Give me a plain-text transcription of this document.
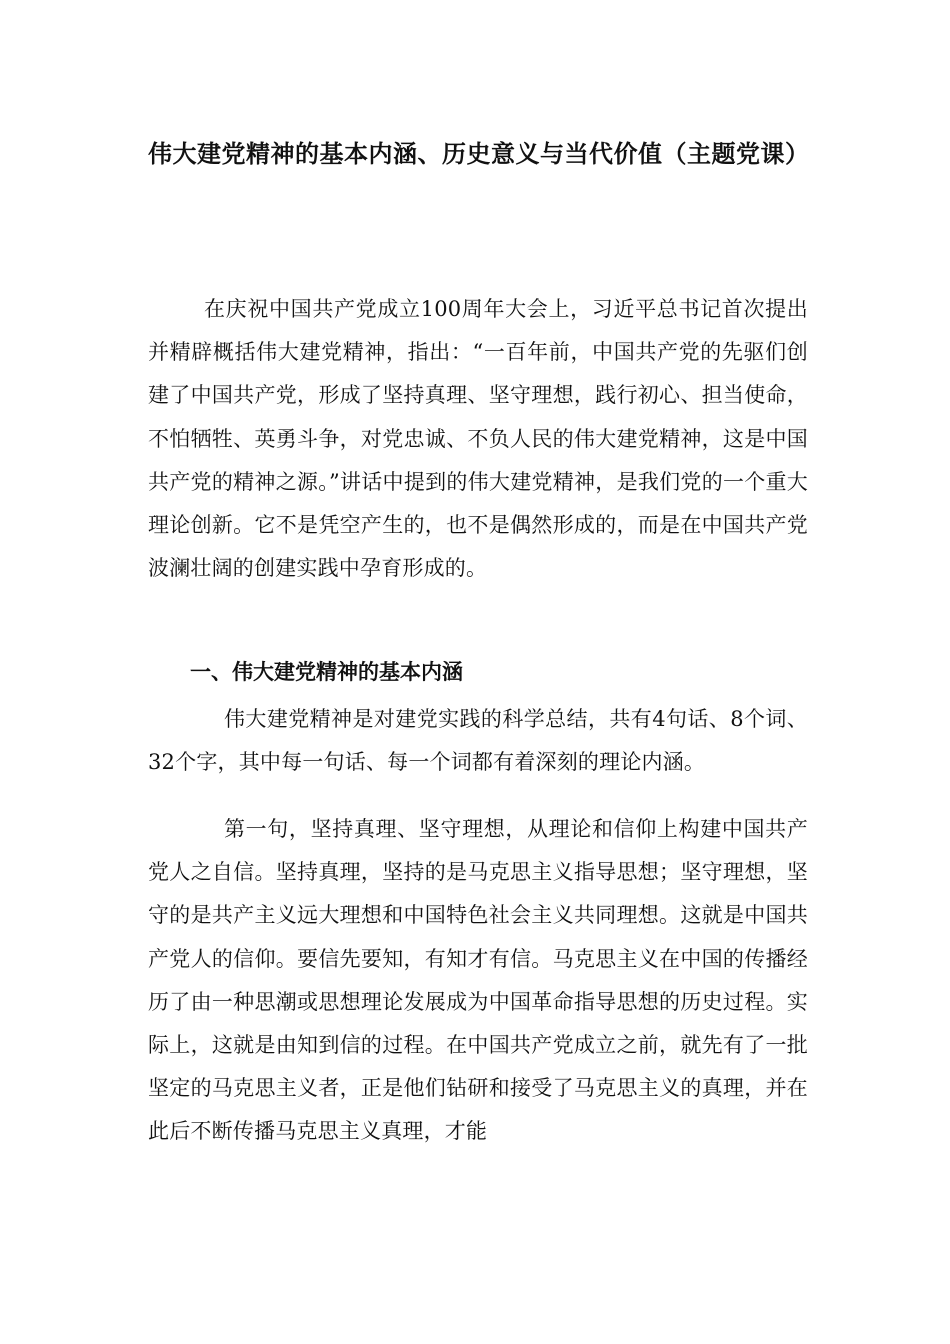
伟大建党精神的基本内涵、历史意义与当代价值（主题党课）

在庆祝中国共产党成立100周年大会上，习近平总书记首次提出并精辟概括伟大建党精神，指出：“一百年前，中国共产党的先驱们创建了中国共产党，形成了坚持真理、坚守理想，践行初心、担当使命，不怕牺牲、英勇斗争，对党忠诚、不负人民的伟大建党精神，这是中国共产党的精神之源。”讲话中提到的伟大建党精神，是我们党的一个重大理论创新。它不是凭空产生的，也不是偶然形成的，而是在中国共产党波澜壮阔的创建实践中孕育形成的。

一、伟大建党精神的基本内涵

伟大建党精神是对建党实践的科学总结，共有4句话、8个词、32个字，其中每一句话、每一个词都有着深刻的理论内涵。

第一句，坚持真理、坚守理想，从理论和信仰上构建中国共产党人之自信。坚持真理，坚持的是马克思主义指导思想；坚守理想，坚守的是共产主义远大理想和中国特色社会主义共同理想。这就是中国共产党人的信仰。要信先要知，有知才有信。马克思主义在中国的传播经历了由一种思潮或思想理论发展成为中国革命指导思想的历史过程。实际上，这就是由知到信的过程。在中国共产党成立之前，就先有了一批坚定的马克思主义者，正是他们钻研和接受了马克思主义的真理，并在此后不断传播马克思主义真理，才能
